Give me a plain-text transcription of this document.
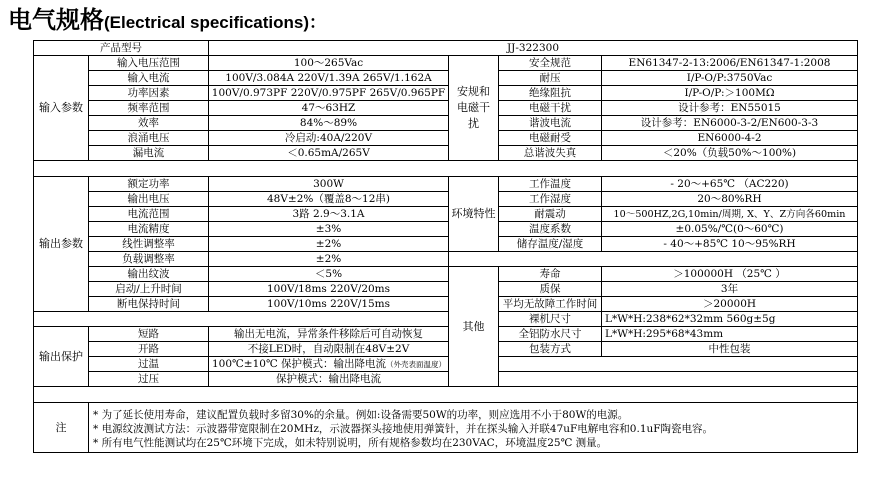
电气规格(Electrical specifications)：
产品型号		JJ-322300			
输入参数	输入电压范围	100～265Vac	安规和电磁干扰	安全规范	EN61347-2-13:2006/EN61347-1:2008
	输入电流	100V/3.084A 220V/1.39A 265V/1.162A		耐压	I/P-O/P:3750Vac
	功率因素	100V/0.973PF 220V/0.975PF 265V/0.965PF		绝缘阻抗	I/P-O/P:＞100MΩ
	频率范围	47～63HZ		电磁干扰	设计参考：EN55015
	效率	84%～89%		谐波电流	设计参考：EN6000-3-2/EN600-3-3
	浪涌电压	冷启动:40A/220V		电磁耐受	EN6000-4-2
	漏电流	＜0.65mA/265V		总谐波失真	＜20%（负载50%～100%)

输出参数	额定功率	300W	环境特性	工作温度	- 20～+65℃ （AC220)
	输出电压	48V±2%（覆盖8～12串)		工作湿度	20～80%RH
	电流范围	3路 2.9～3.1A		耐震动	10～500HZ,2G,10min/周期, X、Y、Z方向各60min
	电流精度	±3%		温度系数	±0.05%/℃(0～60℃)
	线性调整率	±2%		储存温度/湿度	- 40～+85℃ 10～95%RH
	负载调整率	±2%			
	输出纹波	＜5%	其他	寿命	＞100000H （25℃ ）
	启动/上升时间	100V/18ms 220V/20ms		质保	3年
	断电保持时间	100V/10ms 220V/15ms		平均无故障工作时间	＞20000H
				裸机尺寸	L*W*H:238*62*32mm 560g±5g
输出保护	短路	输出无电流，异常条件移除后可自动恢复		全铝防水尺寸	L*W*H:295*68*43mm
	开路	不接LED时，自动限制在48V±2V		包装方式	中性包装
	过温	100℃±10℃ 保护模式：输出降电流（外壳表面温度）			
	过压	保护模式：输出降电流			

注	* 为了延长使用寿命，建议配置负载时多留30%的余量。例如:设备需要50W的功率，则应选用不小于80W的电源。
* 电源纹波测试方法：示波器带宽限制在20MHz，示波器探头接地使用弹簧针，并在探头输入并联47uF电解电容和0.1uF陶瓷电容。
* 所有电气性能测试均在25℃环境下完成，如未特别说明，所有规格参数均在230VAC，环境温度25℃ 测量。				
